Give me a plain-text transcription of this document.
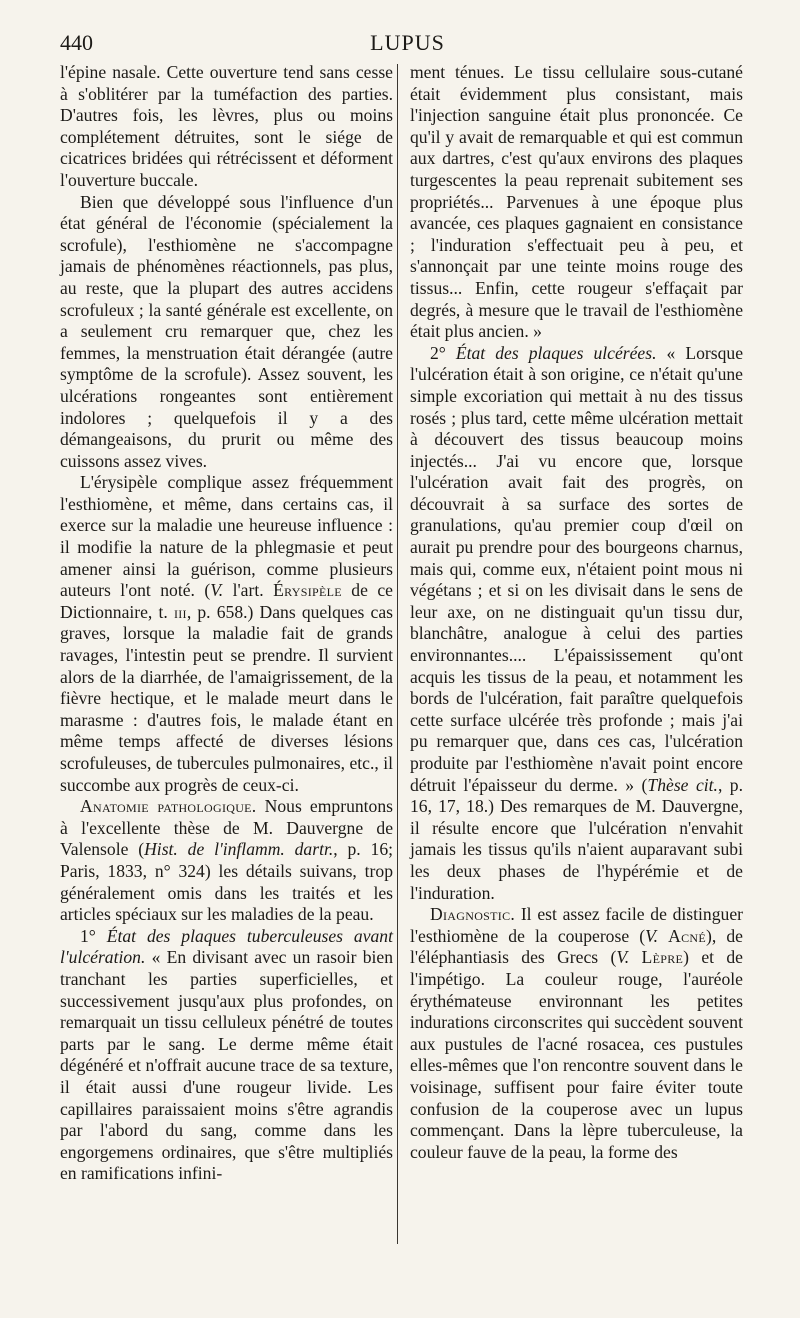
440	LUPUS

l'épine nasale. Cette ouverture tend sans cesse à s'oblitérer par la tuméfaction des parties. D'autres fois, les lèvres, plus ou moins complétement détruites, sont le siége de cicatrices bridées qui rétrécissent et déforment l'ouverture buccale.

Bien que développé sous l'influence d'un état général de l'économie (spécialement la scrofule), l'esthiomène ne s'accompagne jamais de phénomènes réactionnels, pas plus, au reste, que la plupart des autres accidens scrofuleux ; la santé générale est excellente, on a seulement cru remarquer que, chez les femmes, la menstruation était dérangée (autre symptôme de la scrofule). Assez souvent, les ulcérations rongeantes sont entièrement indolores ; quelquefois il y a des démangeaisons, du prurit ou même des cuissons assez vives.

L'érysipèle complique assez fréquemment l'esthiomène, et même, dans certains cas, il exerce sur la maladie une heureuse influence : il modifie la nature de la phlegmasie et peut amener ainsi la guérison, comme plusieurs auteurs l'ont noté. (V. l'art. Érysipèle de ce Dictionnaire, t. iii, p. 658.) Dans quelques cas graves, lorsque la maladie fait de grands ravages, l'intestin peut se prendre. Il survient alors de la diarrhée, de l'amaigrissement, de la fièvre hectique, et le malade meurt dans le marasme : d'autres fois, le malade étant en même temps affecté de diverses lésions scrofuleuses, de tubercules pulmonaires, etc., il succombe aux progrès de ceux-ci.

Anatomie pathologique. Nous empruntons à l'excellente thèse de M. Dauvergne de Valensole (Hist. de l'inflamm. dartr., p. 16; Paris, 1833, n° 324) les détails suivans, trop généralement omis dans les traités et les articles spéciaux sur les maladies de la peau.

1° État des plaques tuberculeuses avant l'ulcération. « En divisant avec un rasoir bien tranchant les parties superficielles, et successivement jusqu'aux plus profondes, on remarquait un tissu celluleux pénétré de toutes parts par le sang. Le derme même était dégénéré et n'offrait aucune trace de sa texture, il était aussi d'une rougeur livide. Les capillaires paraissaient moins s'être agrandis par l'abord du sang, comme dans les engorgemens ordinaires, que s'être multipliés en ramifications infini-

ment ténues. Le tissu cellulaire sous-cutané était évidemment plus consistant, mais l'injection sanguine était plus prononcée. Ce qu'il y avait de remarquable et qui est commun aux dartres, c'est qu'aux environs des plaques turgescentes la peau reprenait subitement ses propriétés... Parvenues à une époque plus avancée, ces plaques gagnaient en consistance ; l'induration s'effectuait peu à peu, et s'annonçait par une teinte moins rouge des tissus... Enfin, cette rougeur s'effaçait par degrés, à mesure que le travail de l'esthiomène était plus ancien. »

2° État des plaques ulcérées. « Lorsque l'ulcération était à son origine, ce n'était qu'une simple excoriation qui mettait à nu des tissus rosés ; plus tard, cette même ulcération mettait à découvert des tissus beaucoup moins injectés... J'ai vu encore que, lorsque l'ulcération avait fait des progrès, on découvrait à sa surface des sortes de granulations, qu'au premier coup d'œil on aurait pu prendre pour des bourgeons charnus, mais qui, comme eux, n'étaient point mous ni végétans ; et si on les divisait dans le sens de leur axe, on ne distinguait qu'un tissu dur, blanchâtre, analogue à celui des parties environnantes.... L'épaississement qu'ont acquis les tissus de la peau, et notamment les bords de l'ulcération, fait paraître quelquefois cette surface ulcérée très profonde ; mais j'ai pu remarquer que, dans ces cas, l'ulcération produite par l'esthiomène n'avait point encore détruit l'épaisseur du derme. » (Thèse cit., p. 16, 17, 18.) Des remarques de M. Dauvergne, il résulte encore que l'ulcération n'envahit jamais les tissus qu'ils n'aient auparavant subi les deux phases de l'hypérémie et de l'induration.

Diagnostic. Il est assez facile de distinguer l'esthiomène de la couperose (V. Acné), de l'éléphantiasis des Grecs (V. Lèpre) et de l'impétigo. La couleur rouge, l'auréole érythémateuse environnant les petites indurations circonscrites qui succèdent souvent aux pustules de l'acné rosacea, ces pustules elles-mêmes que l'on rencontre souvent dans le voisinage, suffisent pour faire éviter toute confusion de la couperose avec un lupus commençant. Dans la lèpre tuberculeuse, la couleur fauve de la peau, la forme des
